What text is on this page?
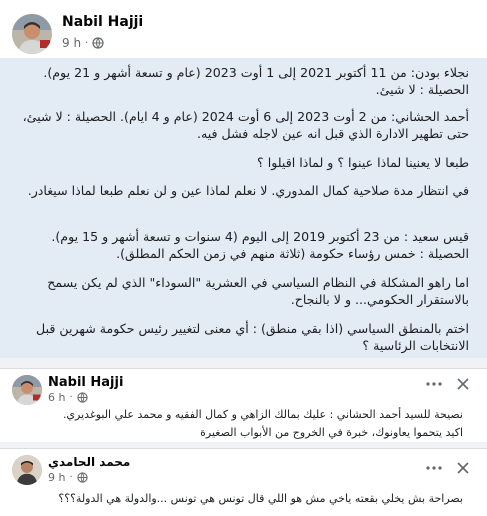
Nabil Hajji
9 h ·
نجلاء بودن: من 11 أكتوبر 2021 إلى 1 أوت 2023 (عام و تسعة أشهر و 21 يوم). الحصيلة : لا شيئ.
أحمد الحشاني: من 2 أوت 2023 إلى 6 أوت 2024 (عام و 4 ايام). الحصيلة : لا شيئ، حتى تطهير الادارة الذي قبل انه عين لاجله فشل فيه.
طبعا لا يعنينا لماذا عينوا ؟ و لماذا اقيلوا ؟
في انتظار مدة صلاحية كمال المدوري. لا نعلم لماذا عين و لن نعلم طبعا لماذا سيغادر.
قيس سعيد : من 23 أكتوبر 2019 إلى اليوم (4 سنوات و تسعة أشهر و 15 يوم). الحصيلة : خمس رؤساء حكومة (ثلاثة منهم في زمن الحكم المطلق).
اما راهو المشكلة في النظام السياسي في العشرية "السوداء" الذي لم يكن يسمح بالاستقرار الحكومي... و لا بالنجاح.
اختم بالمنطق السياسي (اذا بقي منطق) : أي معنى لتغيير رئيس حكومة شهرين قبل الانتخابات الرئاسية ؟
Nabil Hajji
6 h ·
نصيحة للسيد أحمد الحشاني : عليك بمالك الزاهي و كمال الفقيه و محمد علي البوغديري.
اكيد يتحموا يعاونوك، خبرة في الخروج من الأبواب الصغيرة
محمد الحامدي
9 h ·
بصراحة بش يخلي بقعته ياخي مش هو اللي قال تونس هي تونس ...والدولة هي الدولة؟؟؟
